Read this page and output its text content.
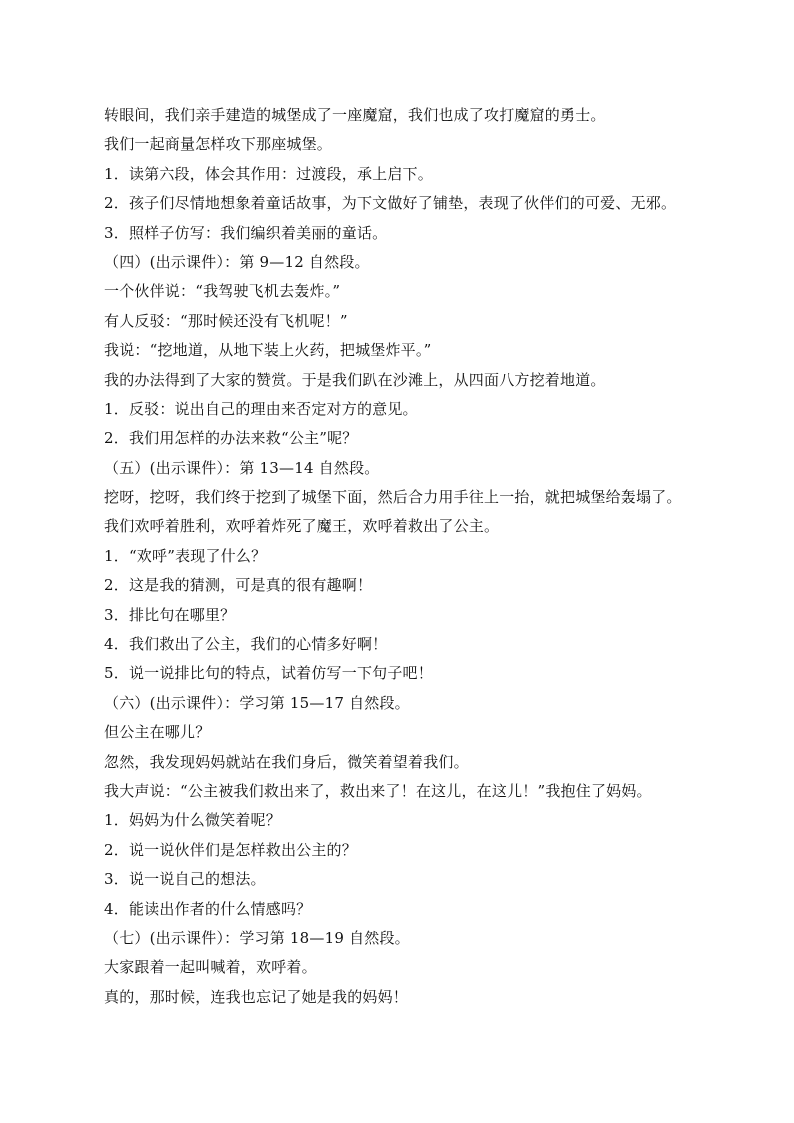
转眼间，我们亲手建造的城堡成了一座魔窟，我们也成了攻打魔窟的勇士。
我们一起商量怎样攻下那座城堡。
1．读第六段，体会其作用：过渡段，承上启下。
2．孩子们尽情地想象着童话故事，为下文做好了铺垫，表现了伙伴们的可爱、无邪。
3．照样子仿写：我们编织着美丽的童话。
（四）(出示课件）：第 9—12 自然段。
一个伙伴说：“我驾驶飞机去轰炸。”
有人反驳：“那时候还没有飞机呢！”
我说：“挖地道，从地下装上火药，把城堡炸平。”
我的办法得到了大家的赞赏。于是我们趴在沙滩上，从四面八方挖着地道。
1．反驳：说出自己的理由来否定对方的意见。
2．我们用怎样的办法来救“公主”呢？
（五）(出示课件）：第 13—14 自然段。
挖呀，挖呀，我们终于挖到了城堡下面，然后合力用手往上一抬，就把城堡给轰塌了。
我们欢呼着胜利，欢呼着炸死了魔王，欢呼着救出了公主。
1．“欢呼”表现了什么？
2．这是我的猜测，可是真的很有趣啊！
3．排比句在哪里？
4．我们救出了公主，我们的心情多好啊！
5．说一说排比句的特点，试着仿写一下句子吧！
（六）(出示课件）：学习第 15—17 自然段。
但公主在哪儿？
忽然，我发现妈妈就站在我们身后，微笑着望着我们。
我大声说：“公主被我们救出来了，救出来了！在这儿，在这儿！”我抱住了妈妈。
1．妈妈为什么微笑着呢？
2．说一说伙伴们是怎样救出公主的？
3．说一说自己的想法。
4．能读出作者的什么情感吗？
（七）(出示课件）：学习第 18—19 自然段。
大家跟着一起叫喊着，欢呼着。
真的，那时候，连我也忘记了她是我的妈妈！
